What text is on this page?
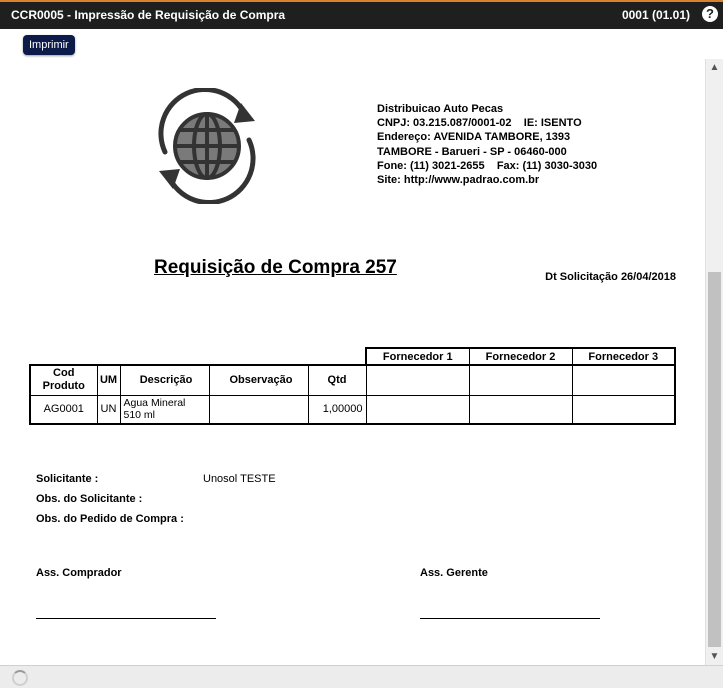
CCR0005 - Impressão de Requisição de Compra	0001 (01.01)	?
Imprimir
Distribuicao Auto Pecas
CNPJ: 03.215.087/0001-02    IE: ISENTO
Endereço: AVENIDA TAMBORE, 1393
TAMBORE - Barueri - SP - 06460-000
Fone: (11) 3021-2655    Fax: (11) 3030-3030
Site: http://www.padrao.com.br
Requisição de Compra 257	Dt Solicitação 26/04/2018
					Fornecedor 1	Fornecedor 2	Fornecedor 3
Cod Produto	UM	Descrição	Observação	Qtd			
AG0001	UN	Agua Mineral 510 ml		1,00000			
Solicitante :	Unosol TESTE
Obs. do Solicitante :
Obs. do Pedido de Compra :
Ass. Comprador	Ass. Gerente
▲
▼
